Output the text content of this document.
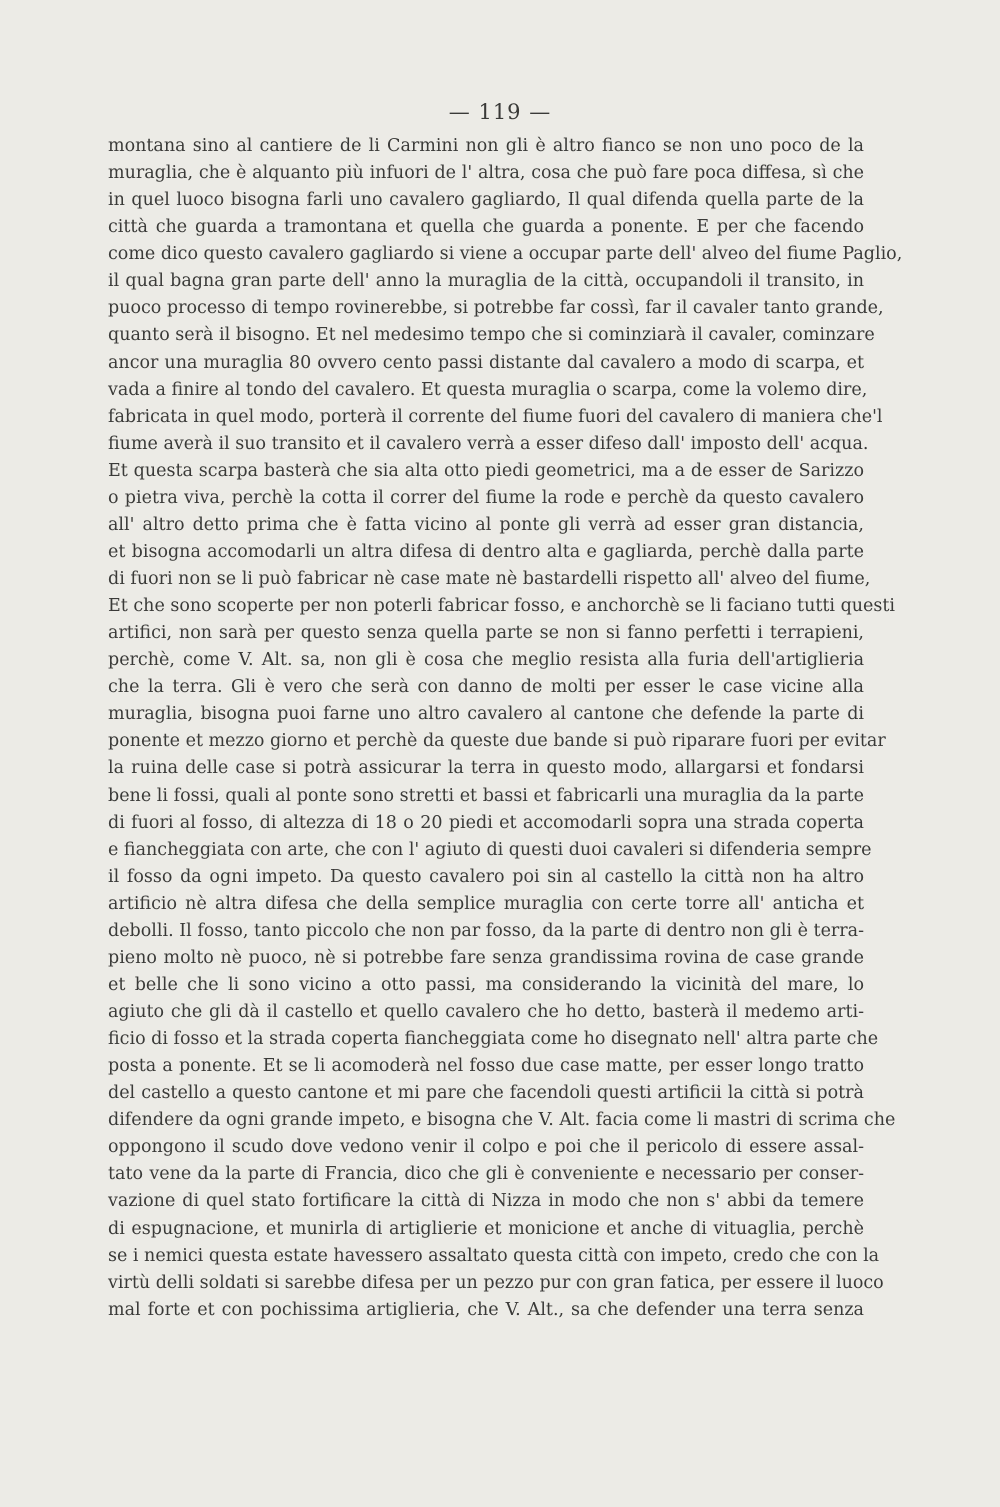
— 119 —
montana sino al cantiere de li Carmini non gli è altro fianco se non uno poco de la
muraglia, che è alquanto più infuori de l' altra, cosa che può fare poca diffesa, sì che
in quel luoco bisogna farli uno cavalero gagliardo, Il qual difenda quella parte de la
città che guarda a tramontana et quella che guarda a ponente. E per che facendo
come dico questo cavalero gagliardo si viene a occupar parte dell' alveo del fiume Paglio,
il qual bagna gran parte dell' anno la muraglia de la città, occupandoli il transito, in
puoco processo di tempo rovinerebbe, si potrebbe far cossì, far il cavaler tanto grande,
quanto serà il bisogno. Et nel medesimo tempo che si cominziarà il cavaler, cominzare
ancor una muraglia 80 ovvero cento passi distante dal cavalero a modo di scarpa, et
vada a finire al tondo del cavalero. Et questa muraglia o scarpa, come la volemo dire,
fabricata in quel modo, porterà il corrente del fiume fuori del cavalero di maniera che'l
fiume averà il suo transito et il cavalero verrà a esser difeso dall' imposto dell' acqua.
Et questa scarpa basterà che sia alta otto piedi geometrici, ma a de esser de Sarizzo
o pietra viva, perchè la cotta il correr del fiume la rode e perchè da questo cavalero
all' altro detto prima che è fatta vicino al ponte gli verrà ad esser gran distancia,
et bisogna accomodarli un altra difesa di dentro alta e gagliarda, perchè dalla parte
di fuori non se li può fabricar nè case mate nè bastardelli rispetto all' alveo del fiume,
Et che sono scoperte per non poterli fabricar fosso, e anchorchè se li faciano tutti questi
artifici, non sarà per questo senza quella parte se non si fanno perfetti i terrapieni,
perchè, come V. Alt. sa, non gli è cosa che meglio resista alla furia dell'artiglieria
che la terra. Gli è vero che serà con danno de molti per esser le case vicine alla
muraglia, bisogna puoi farne uno altro cavalero al cantone che defende la parte di
ponente et mezzo giorno et perchè da queste due bande si può riparare fuori per evitar
la ruina delle case si potrà assicurar la terra in questo modo, allargarsi et fondarsi
bene li fossi, quali al ponte sono stretti et bassi et fabricarli una muraglia da la parte
di fuori al fosso, di altezza di 18 o 20 piedi et accomodarli sopra una strada coperta
e fiancheggiata con arte, che con l' agiuto di questi duoi cavaleri si difenderia sempre
il fosso da ogni impeto. Da questo cavalero poi sin al castello la città non ha altro
artificio nè altra difesa che della semplice muraglia con certe torre all' anticha et
debolli. Il fosso, tanto piccolo che non par fosso, da la parte di dentro non gli è terra-
pieno molto nè puoco, nè si potrebbe fare senza grandissima rovina de case grande
et belle che li sono vicino a otto passi, ma considerando la vicinità del mare, lo
agiuto che gli dà il castello et quello cavalero che ho detto, basterà il medemo arti-
ficio di fosso et la strada coperta fiancheggiata come ho disegnato nell' altra parte che
posta a ponente. Et se li acomoderà nel fosso due case matte, per esser longo tratto
del castello a questo cantone et mi pare che facendoli questi artificii la città si potrà
difendere da ogni grande impeto, e bisogna che V. Alt. facia come li mastri di scrima che
oppongono il scudo dove vedono venir il colpo e poi che il pericolo di essere assal-
tato vene da la parte di Francia, dico che gli è conveniente e necessario per conser-
vazione di quel stato fortificare la città di Nizza in modo che non s' abbi da temere
di espugnacione, et munirla di artiglierie et monicione et anche di vituaglia, perchè
se i nemici questa estate havessero assaltato questa città con impeto, credo che con la
virtù delli soldati si sarebbe difesa per un pezzo pur con gran fatica, per essere il luoco
mal forte et con pochissima artiglieria, che V. Alt., sa che defender una terra senza
